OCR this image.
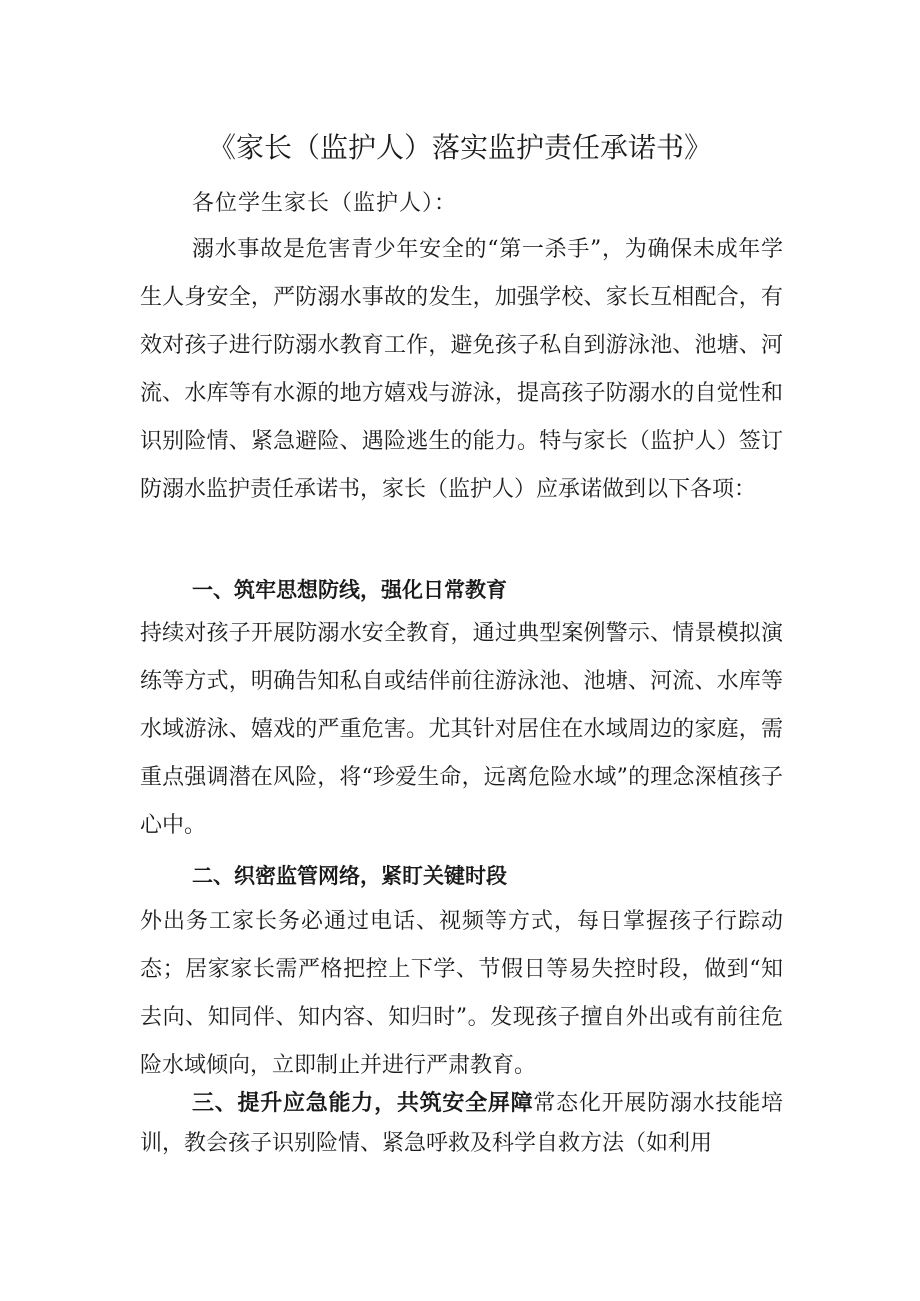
《家长（监护人）落实监护责任承诺书》
各位学生家长（监护人）：
溺水事故是危害青少年安全的“第一杀手”，为确保未成年学生人身安全，严防溺水事故的发生，加强学校、家长互相配合，有效对孩子进行防溺水教育工作，避免孩子私自到游泳池、池塘、河流、水库等有水源的地方嬉戏与游泳，提高孩子防溺水的自觉性和识别险情、紧急避险、遇险逃生的能力。特与家长（监护人）签订防溺水监护责任承诺书，家长（监护人）应承诺做到以下各项：
一、筑牢思想防线，强化日常教育
持续对孩子开展防溺水安全教育，通过典型案例警示、情景模拟演练等方式，明确告知私自或结伴前往游泳池、池塘、河流、水库等水域游泳、嬉戏的严重危害。尤其针对居住在水域周边的家庭，需重点强调潜在风险，将“珍爱生命，远离危险水域”的理念深植孩子心中。
二、织密监管网络，紧盯关键时段
外出务工家长务必通过电话、视频等方式，每日掌握孩子行踪动态；居家家长需严格把控上下学、节假日等易失控时段，做到“知去向、知同伴、知内容、知归时”。发现孩子擅自外出或有前往危险水域倾向，立即制止并进行严肃教育。
三、提升应急能力，共筑安全屏障常态化开展防溺水技能培训，教会孩子识别险情、紧急呼救及科学自救方法（如利用
